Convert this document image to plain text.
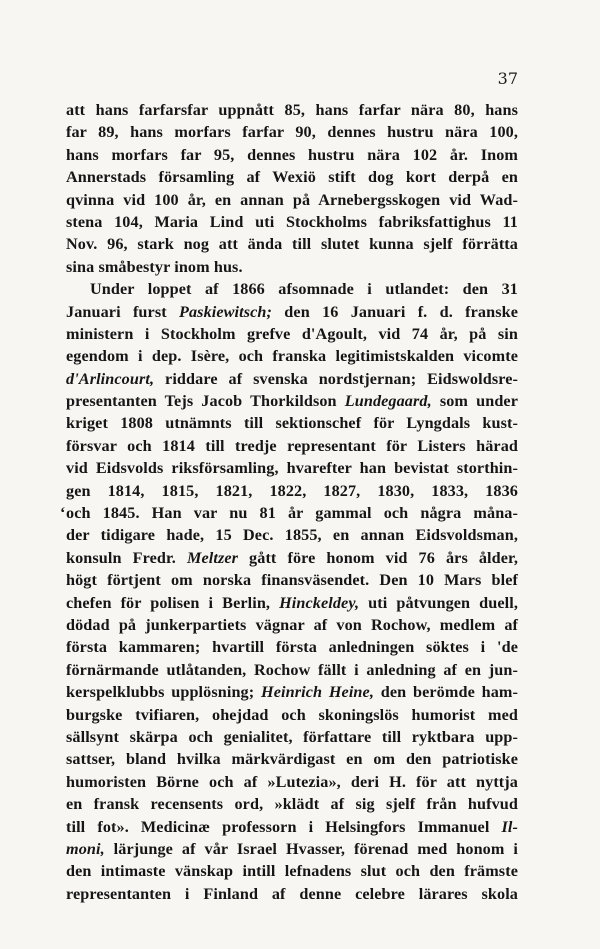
37
att hans farfarsfar uppnått 85, hans farfar nära 80, hans
far 89, hans morfars farfar 90, dennes hustru nära 100,
hans morfars far 95, dennes hustru nära 102 år. Inom
Annerstads församling af Wexiö stift dog kort derpå en
qvinna vid 100 år, en annan på Arnebergsskogen vid Wad-
stena 104, Maria Lind uti Stockholms fabriksfattighus 11
Nov. 96, stark nog att ända till slutet kunna sjelf förrätta
sina småbestyr inom hus.
Under loppet af 1866 afsomnade i utlandet: den 31
Januari furst Paskiewitsch; den 16 Januari f. d. franske
ministern i Stockholm grefve d'Agoult, vid 74 år, på sin
egendom i dep. Isère, och franska legitimistskalden vicomte
d'Arlincourt, riddare af svenska nordstjernan; Eidswoldsre-
presentanten Tejs Jacob Thorkildson Lundegaard, som under
kriget 1808 utnämnts till sektionschef för Lyngdals kust-
försvar och 1814 till tredje representant för Listers härad
vid Eidsvolds riksförsamling, hvarefter han bevistat storthin-
gen 1814, 1815, 1821, 1822, 1827, 1830, 1833, 1836
‘ och 1845. Han var nu 81 år gammal och några måna-
der tidigare hade, 15 Dec. 1855, en annan Eidsvoldsman,
konsuln Fredr. Meltzer gått före honom vid 76 års ålder,
högt förtjent om norska finansväsendet. Den 10 Mars blef
chefen för polisen i Berlin, Hinckeldey, uti påtvungen duell,
dödad på junkerpartiets vägnar af von Rochow, medlem af
första kammaren; hvartill första anledningen söktes i 'de
förnärmande utlåtanden, Rochow fällt i anledning af en jun-
kerspelklubbs upplösning; Heinrich Heine, den berömde ham-
burgske tvifiaren, ohejdad och skoningslös humorist med
sällsynt skärpa och genialitet, författare till ryktbara upp-
sattser, bland hvilka märkvärdigast en om den patriotiske
humoristen Börne och af »Lutezia», deri H. för att nyttja
en fransk recensents ord, »klädt af sig sjelf från hufvud
till fot». Medicinæ professorn i Helsingfors Immanuel Il-
moni, lärjunge af vår Israel Hvasser, förenad med honom i
den intimaste vänskap intill lefnadens slut och den främste
representanten i Finland af denne celebre lärares skola
